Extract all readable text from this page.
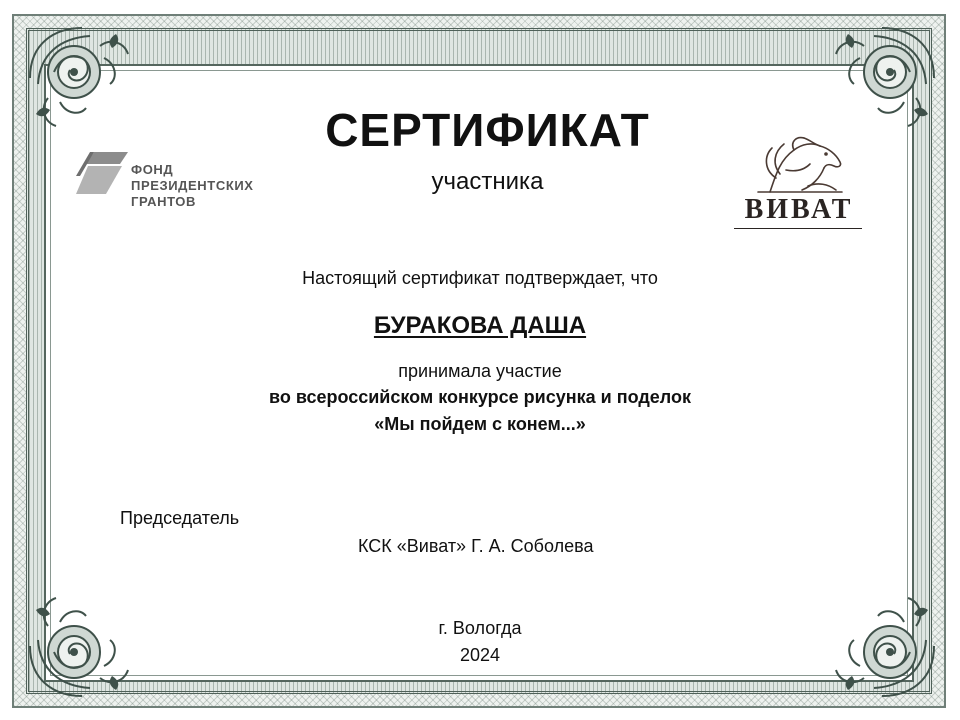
ФОНД
ПРЕЗИДЕНТСКИХ
ГРАНТОВ	ВИВАТ
СЕРТИФИКАТ
участника
Настоящий сертификат подтверждает, что
БУРАКОВА ДАША
принимала участие
во всероссийском конкурсе рисунка и поделок
«Мы пойдем с конем...»
Председатель
КСК «Виват» Г. А. Соболева
г. Вологда
2024
